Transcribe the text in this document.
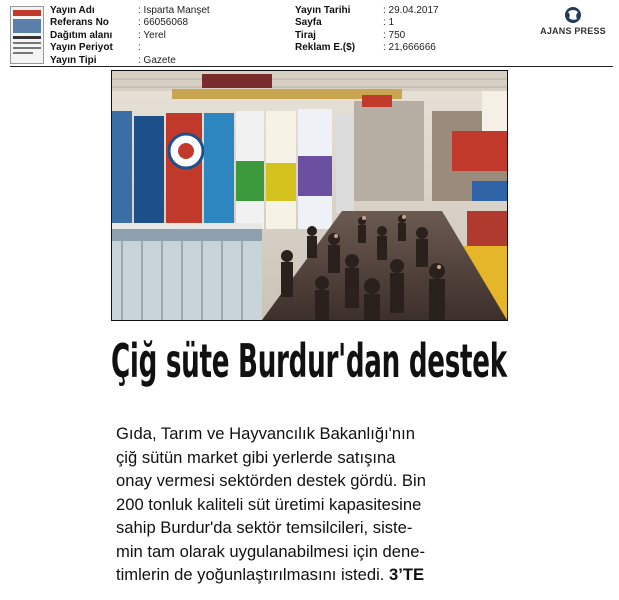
Yayın Adı	: Isparta Manşet
Referans No	: 66056068
Dağıtım alanı	: Yerel
Yayın Periyot	:
Yayın Tipi	: Gazete
Yayın Tarihi	: 29.04.2017
Sayfa	: 1
Tiraj	: 750
Reklam E.($)	: 21,666666
AJANS PRESS
Çiğ süte Burdur'dan destek
Gıda, Tarım ve Hayvancılık Bakanlığı'nın
çiğ sütün market gibi yerlerde satışına
onay vermesi sektörden destek gördü. Bin
200 tonluk kaliteli süt üretimi kapasitesine
sahip Burdur'da sektör temsilcileri, siste-
min tam olarak uygulanabilmesi için dene-
timlerin de yoğunlaştırılmasını istedi. 3’TE
